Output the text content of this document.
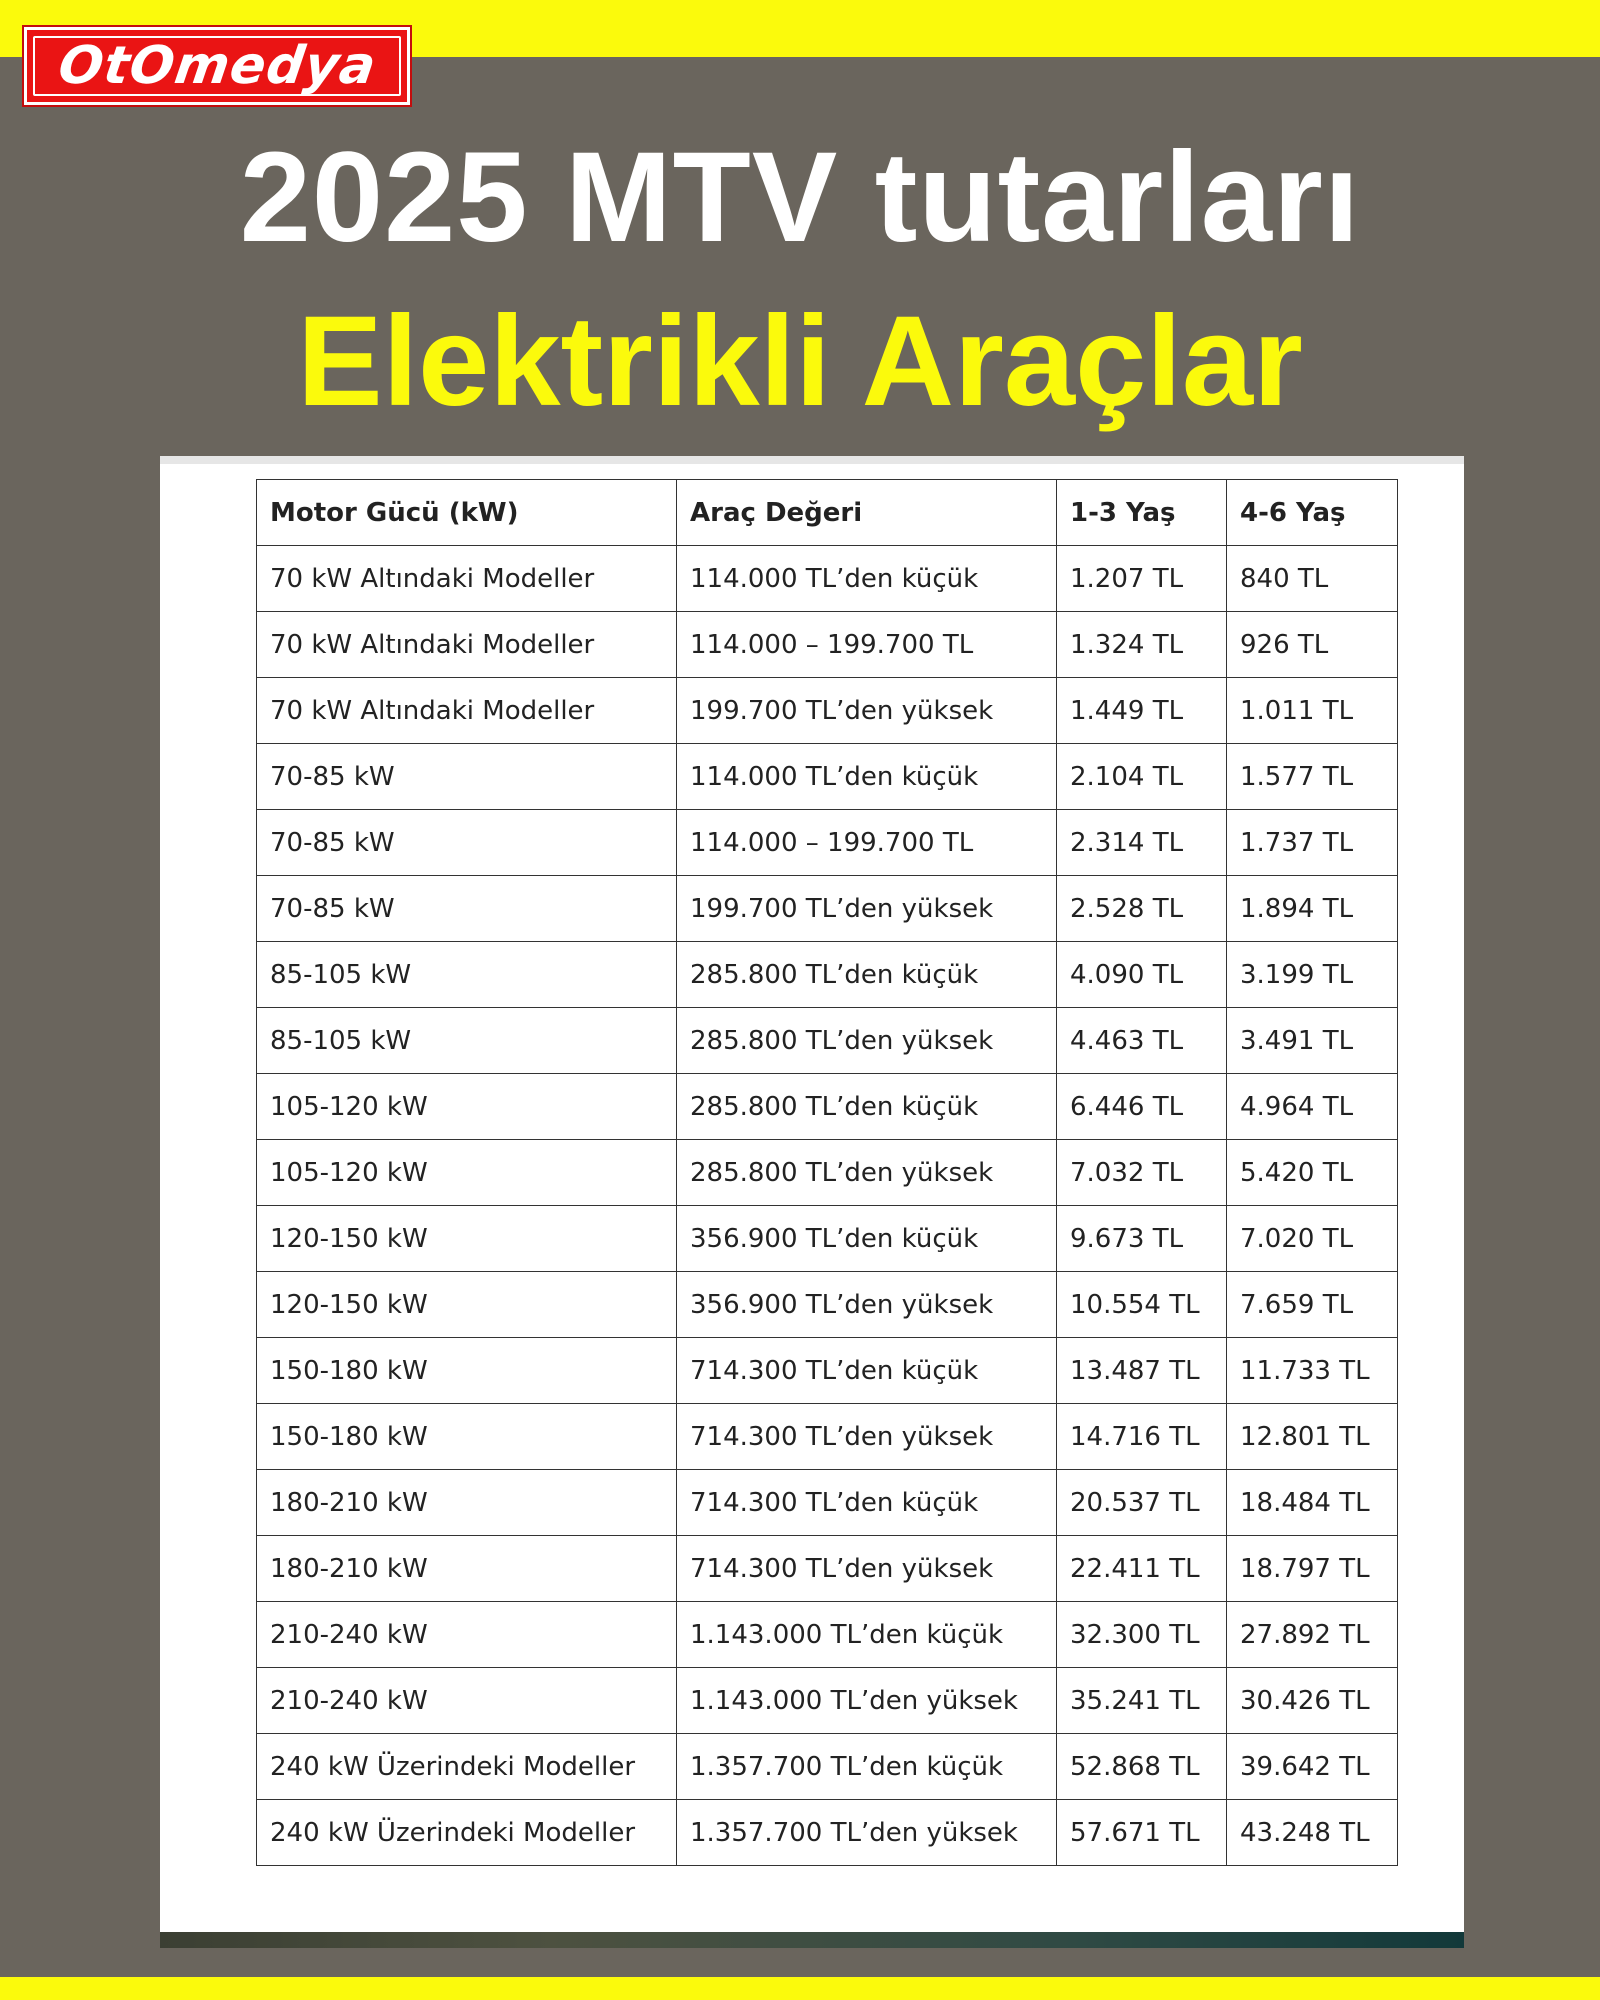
OtOmedya
2025 MTV tutarları
Elektrikli Araçlar
Motor Gücü (kW)	Araç Değeri	1-3 Yaş	4-6 Yaş
70 kW Altındaki Modeller	114.000 TL’den küçük	1.207 TL	840 TL
70 kW Altındaki Modeller	114.000 – 199.700 TL	1.324 TL	926 TL
70 kW Altındaki Modeller	199.700 TL’den yüksek	1.449 TL	1.011 TL
70-85 kW	114.000 TL’den küçük	2.104 TL	1.577 TL
70-85 kW	114.000 – 199.700 TL	2.314 TL	1.737 TL
70-85 kW	199.700 TL’den yüksek	2.528 TL	1.894 TL
85-105 kW	285.800 TL’den küçük	4.090 TL	3.199 TL
85-105 kW	285.800 TL’den yüksek	4.463 TL	3.491 TL
105-120 kW	285.800 TL’den küçük	6.446 TL	4.964 TL
105-120 kW	285.800 TL’den yüksek	7.032 TL	5.420 TL
120-150 kW	356.900 TL’den küçük	9.673 TL	7.020 TL
120-150 kW	356.900 TL’den yüksek	10.554 TL	7.659 TL
150-180 kW	714.300 TL’den küçük	13.487 TL	11.733 TL
150-180 kW	714.300 TL’den yüksek	14.716 TL	12.801 TL
180-210 kW	714.300 TL’den küçük	20.537 TL	18.484 TL
180-210 kW	714.300 TL’den yüksek	22.411 TL	18.797 TL
210-240 kW	1.143.000 TL’den küçük	32.300 TL	27.892 TL
210-240 kW	1.143.000 TL’den yüksek	35.241 TL	30.426 TL
240 kW Üzerindeki Modeller	1.357.700 TL’den küçük	52.868 TL	39.642 TL
240 kW Üzerindeki Modeller	1.357.700 TL’den yüksek	57.671 TL	43.248 TL
